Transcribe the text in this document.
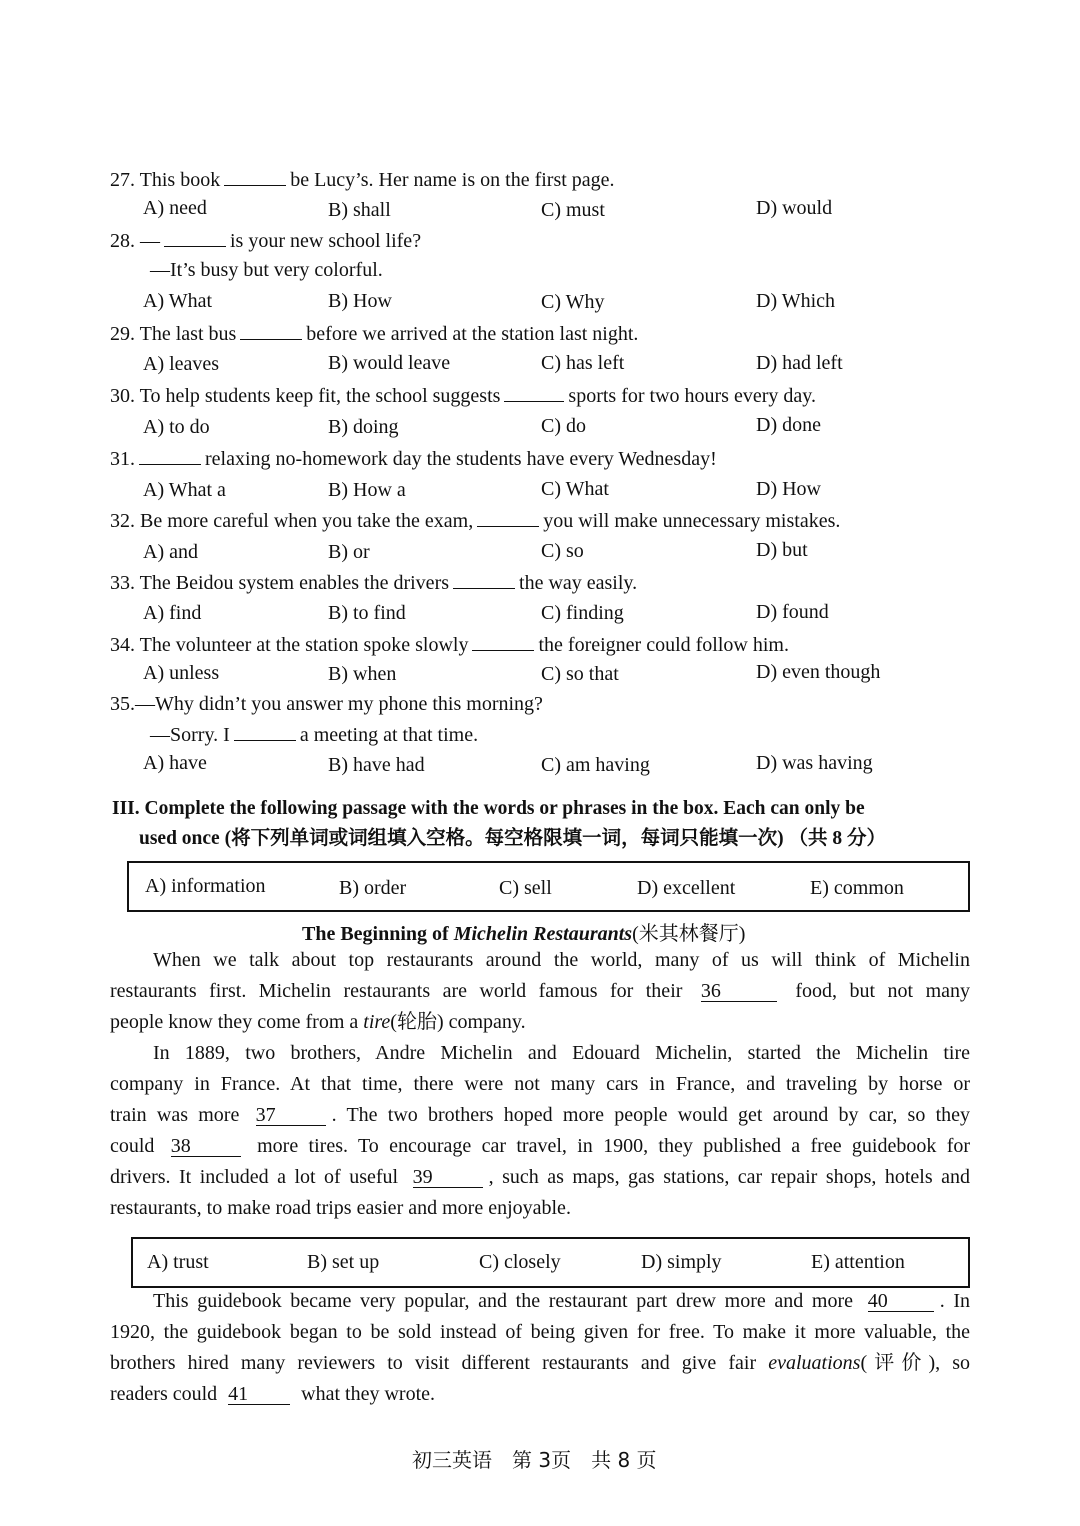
27. This book	be Lucy’s. Her name is on the first page.
A) need	B) shall	C) must	D) would
28. —	is your new school life?
—It’s busy but very colorful.
A) What	B) How	C) Why	D) Which
29. The last bus	before we arrived at the station last night.
A) leaves	B) would leave	C) has left	D) had left
30. To help students keep fit, the school suggests	sports for two hours every day.
A) to do	B) doing	C) do	D) done
31.	relaxing no-homework day the students have every Wednesday!
A) What a	B) How a	C) What	D) How
32. Be more careful when you take the exam,	you will make unnecessary mistakes.
A) and	B) or	C) so	D) but
33. The Beidou system enables the drivers	the way easily.
A) find	B) to find	C) finding	D) found
34. The volunteer at the station spoke slowly	the foreigner could follow him.
A) unless	B) when	C) so that	D) even though
35.—Why didn’t you answer my phone this morning?
—Sorry. I	a meeting at that time.
A) have	B) have had	C) am having	D) was having
III. Complete the following passage with the words or phrases in the box. Each can only be
used once (将下列单词或词组填入空格。每空格限填一词，每词只能填一次) （共 8 分）
A) information	B) order	C) sell	D) excellent	E) common
The Beginning of Michelin Restaurants(米其林餐厅)
When we talk about top restaurants around the world, many of us will think of Michelin
restaurants first. Michelin restaurants are world famous for their 36	food, but not many
people know they come from a tire(轮胎) company.
In 1889, two brothers, Andre Michelin and Edouard Michelin, started the Michelin tire
company in France. At that time, there were not many cars in France, and traveling by horse or
train was more 37	. The two brothers hoped more people would get around by car, so they
could 38	more tires. To encourage car travel, in 1900, they published a free guidebook for
drivers. It included a lot of useful 39	, such as maps, gas stations, car repair shops, hotels and
restaurants, to make road trips easier and more enjoyable.
A) trust	B) set up	C) closely	D) simply	E) attention
This guidebook became very popular, and the restaurant part drew more and more 40	. In
1920, the guidebook began to be sold instead of being given for free. To make it more valuable, the
brothers hired many reviewers to visit different restaurants and give fair evaluations(评价), so
readers could 41	what they wrote.
初三英语　第 3页　共 8 页
